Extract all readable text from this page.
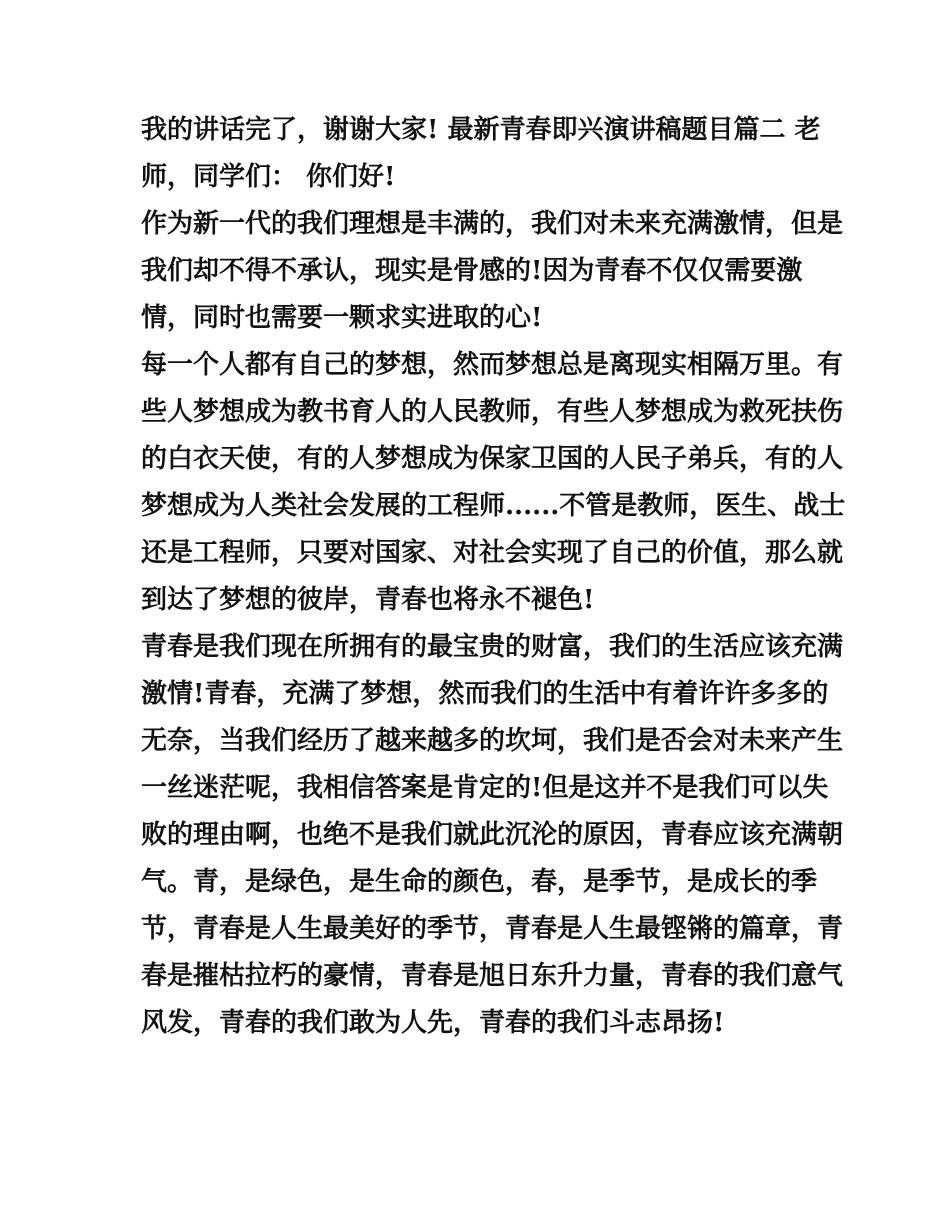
我的讲话完了，谢谢大家! 最新青春即兴演讲稿题目篇二 老
师，同学们： 你们好!
作为新一代的我们理想是丰满的，我们对未来充满激情，但是
我们却不得不承认，现实是骨感的!因为青春不仅仅需要激
情，同时也需要一颗求实进取的心!
每一个人都有自己的梦想，然而梦想总是离现实相隔万里。有
些人梦想成为教书育人的人民教师，有些人梦想成为救死扶伤
的白衣天使，有的人梦想成为保家卫国的人民子弟兵，有的人
梦想成为人类社会发展的工程师......不管是教师，医生、战士
还是工程师，只要对国家、对社会实现了自己的价值，那么就
到达了梦想的彼岸，青春也将永不褪色!
青春是我们现在所拥有的最宝贵的财富，我们的生活应该充满
激情!青春，充满了梦想，然而我们的生活中有着许许多多的
无奈，当我们经历了越来越多的坎坷，我们是否会对未来产生
一丝迷茫呢，我相信答案是肯定的!但是这并不是我们可以失
败的理由啊，也绝不是我们就此沉沦的原因，青春应该充满朝
气。青，是绿色，是生命的颜色，春，是季节，是成长的季
节，青春是人生最美好的季节，青春是人生最铿锵的篇章，青
春是摧枯拉朽的豪情，青春是旭日东升力量，青春的我们意气
风发，青春的我们敢为人先，青春的我们斗志昂扬!
